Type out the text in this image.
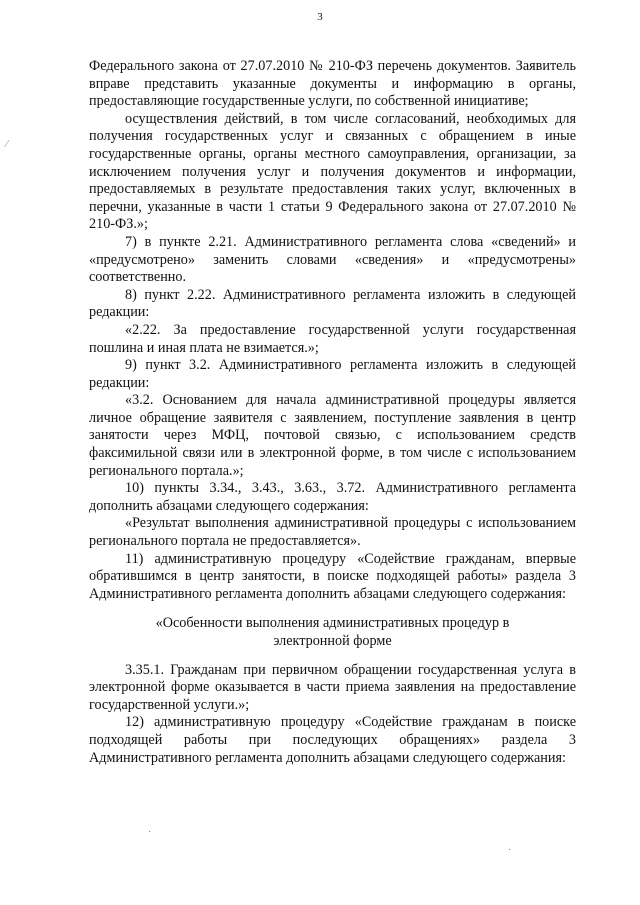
3
⁄

Федерального закона от 27.07.2010 № 210-ФЗ перечень документов. Заявитель вправе представить указанные документы и информацию в органы, предоставляющие государственные услуги, по собственной инициативе;

осуществления действий, в том числе согласований, необходимых для получения государственных услуг и связанных с обращением в иные государственные органы, органы местного самоуправления, организации, за исключением получения услуг и получения документов и информации, предоставляемых в результате предоставления таких услуг, включенных в перечни, указанные в части 1 статьи 9 Федерального закона от 27.07.2010 № 210-ФЗ.»;

7) в пункте 2.21. Административного регламента слова «сведений» и «предусмотрено» заменить словами «сведения» и «предусмотрены» соответственно.

8) пункт 2.22. Административного регламента изложить в следующей редакции:

«2.22. За предоставление государственной услуги государственная пошлина и иная плата не взимается.»;

9) пункт 3.2. Административного регламента изложить в следующей редакции:

«3.2. Основанием для начала административной процедуры является личное обращение заявителя с заявлением, поступление заявления в центр занятости через МФЦ, почтовой связью, с использованием средств факсимильной связи или в электронной форме, в том числе с использованием регионального портала.»;

10) пункты 3.34., 3.43., 3.63., 3.72. Административного регламента дополнить абзацами следующего содержания:

«Результат выполнения административной процедуры с использованием регионального портала не предоставляется».

11) административную процедуру «Содействие гражданам, впервые обратившимся в центр занятости, в поиске подходящей работы» раздела 3 Административного регламента дополнить абзацами следующего содержания:

«Особенности выполнения административных процедур в электронной форме

3.35.1. Гражданам при первичном обращении государственная услуга в электронной форме оказывается в части приема заявления на предоставление государственной услуги.»;

12) административную процедуру «Содействие гражданам в поиске подходящей работы при последующих обращениях» раздела 3 Административного регламента дополнить абзацами следующего содержания:

·
·
